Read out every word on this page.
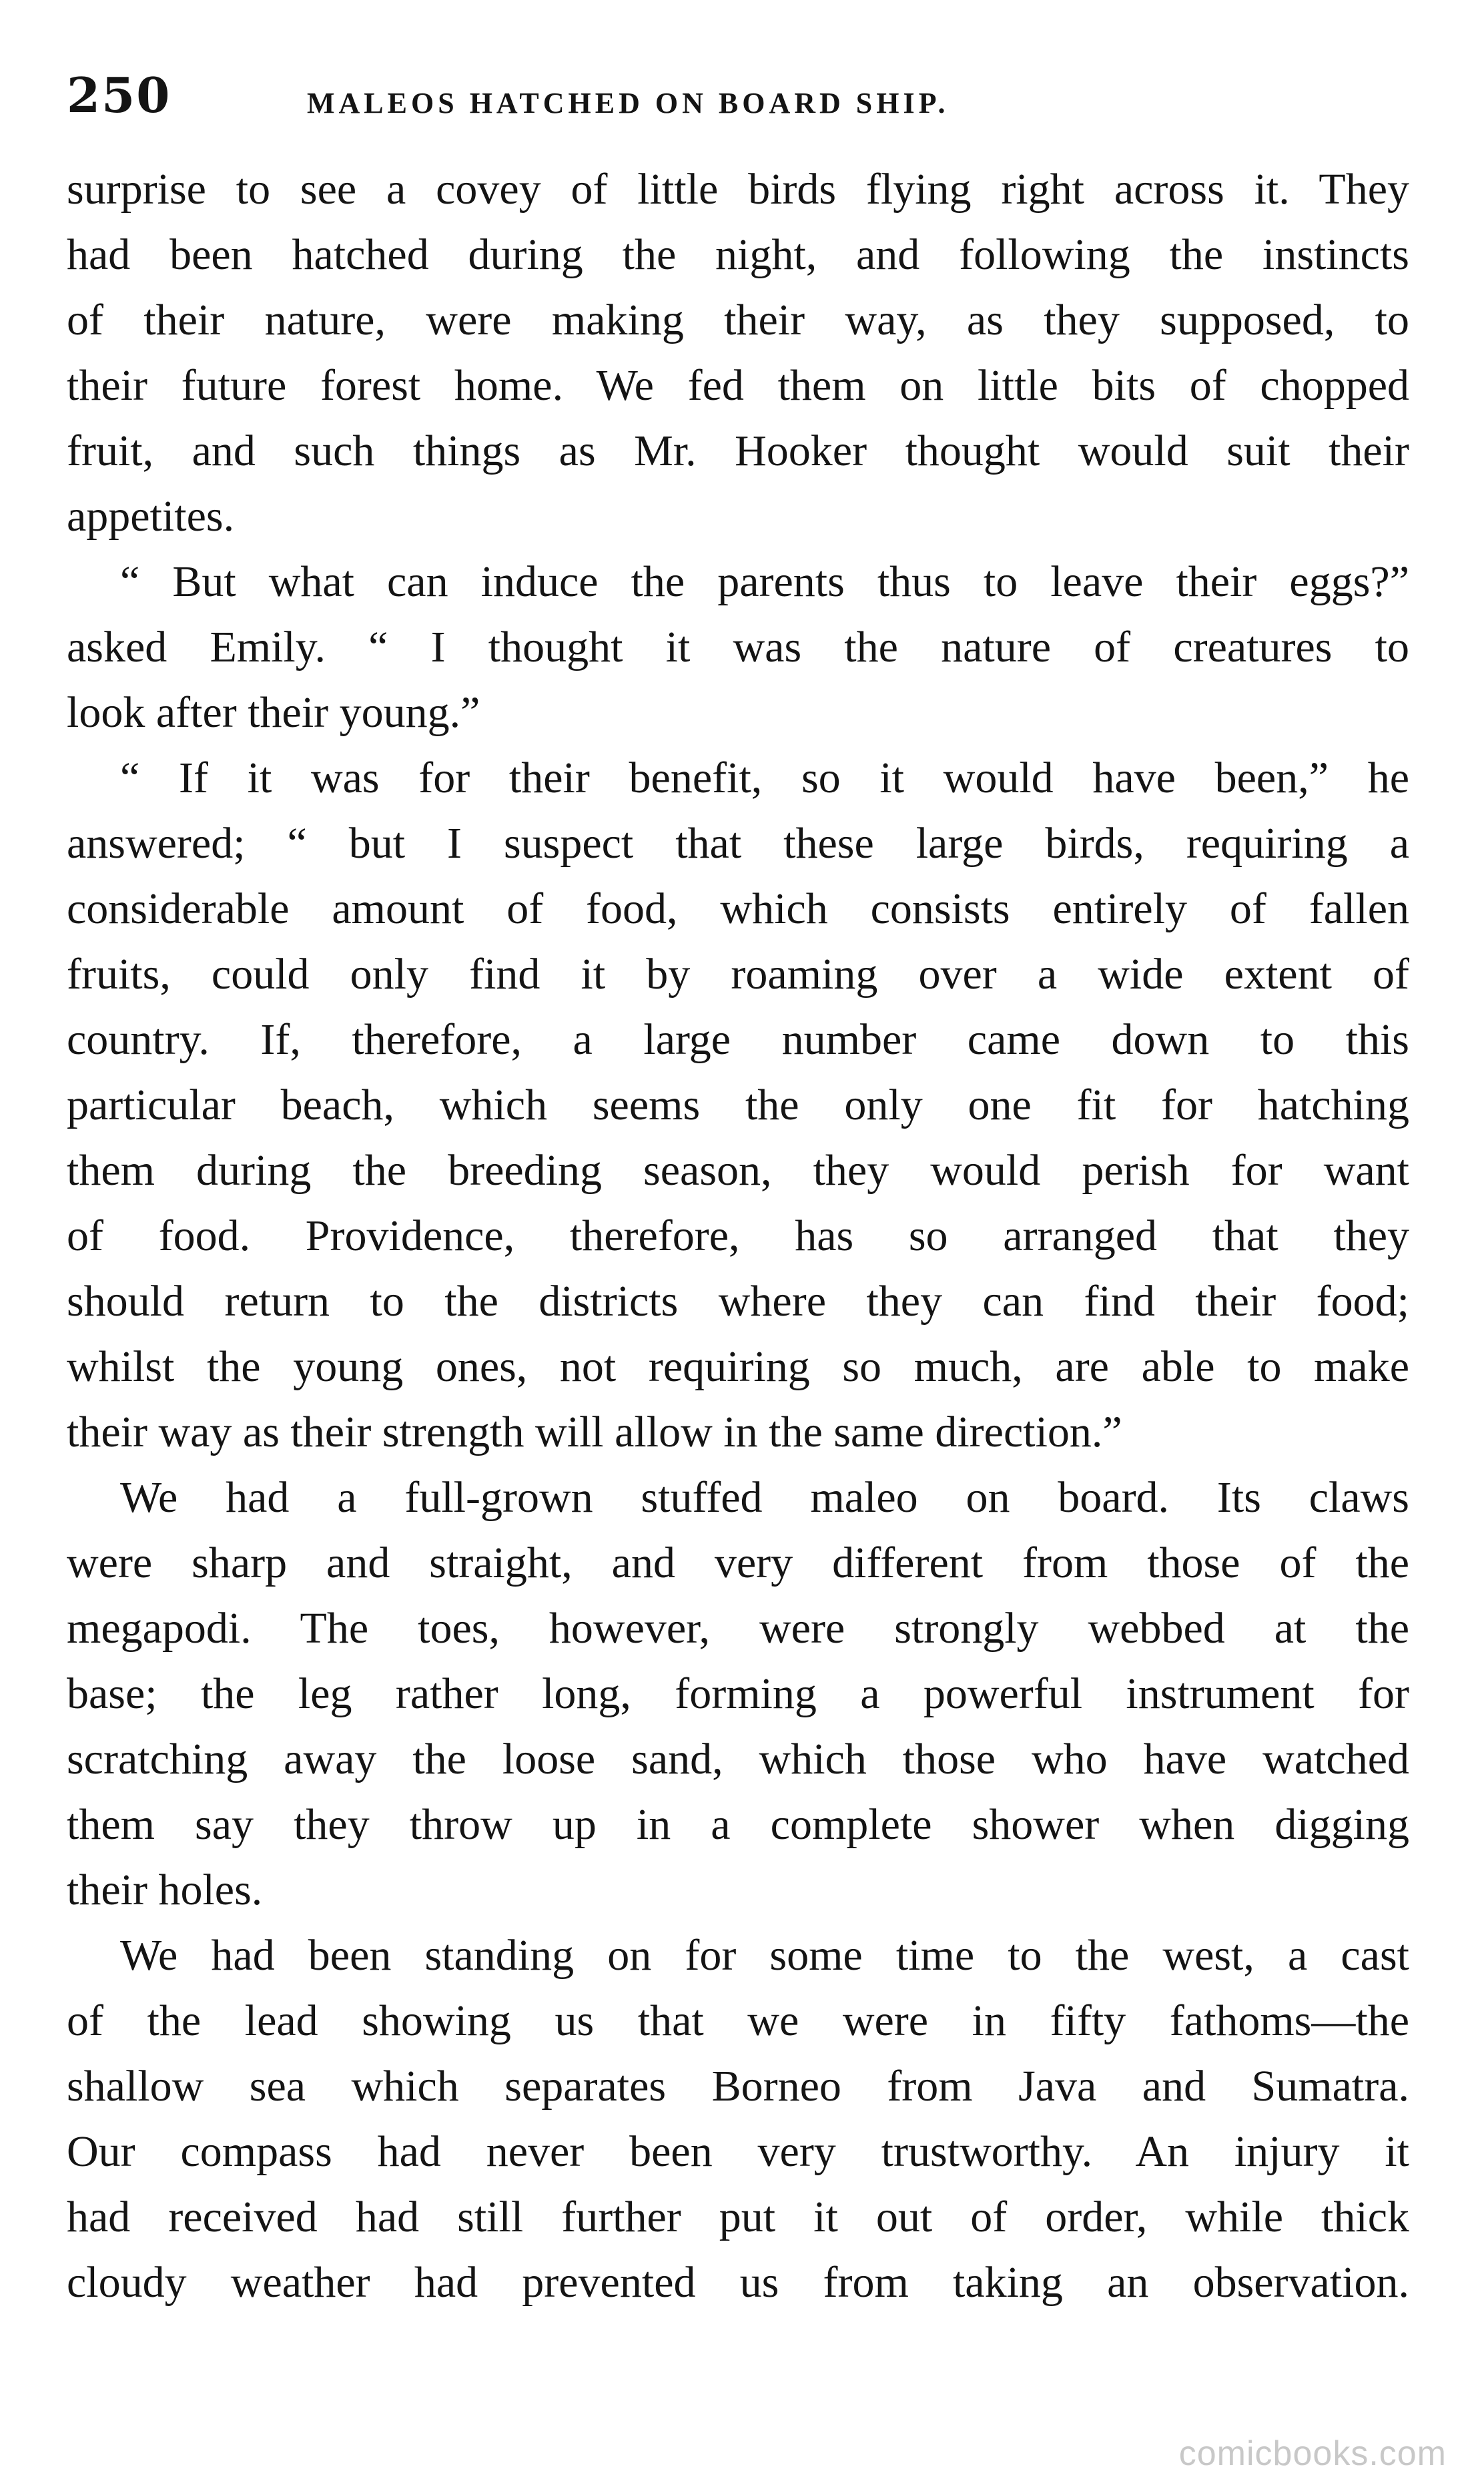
250	MALEOS HATCHED ON BOARD SHIP.
surprise to see a covey of little birds flying right across it. They
had been hatched during the night, and following the instincts
of their nature, were making their way, as they supposed, to
their future forest home. We fed them on little bits of chopped
fruit, and such things as Mr. Hooker thought would suit their
appetites.
“ But what can induce the parents thus to leave their eggs?”
asked Emily. “ I thought it was the nature of creatures to
look after their young.”
“ If it was for their benefit, so it would have been,” he
answered; “ but I suspect that these large birds, requiring a
considerable amount of food, which consists entirely of fallen
fruits, could only find it by roaming over a wide extent of
country. If, therefore, a large number came down to this
particular beach, which seems the only one fit for hatching
them during the breeding season, they would perish for want
of food. Providence, therefore, has so arranged that they
should return to the districts where they can find their food;
whilst the young ones, not requiring so much, are able to make
their way as their strength will allow in the same direction.”
We had a full-grown stuffed maleo on board. Its claws
were sharp and straight, and very different from those of the
megapodi. The toes, however, were strongly webbed at the
base; the leg rather long, forming a powerful instrument for
scratching away the loose sand, which those who have watched
them say they throw up in a complete shower when digging
their holes.
We had been standing on for some time to the west, a cast
of the lead showing us that we were in fifty fathoms—the
shallow sea which separates Borneo from Java and Sumatra.
Our compass had never been very trustworthy. An injury it
had received had still further put it out of order, while thick
cloudy weather had prevented us from taking an observation.
comicbooks.com
